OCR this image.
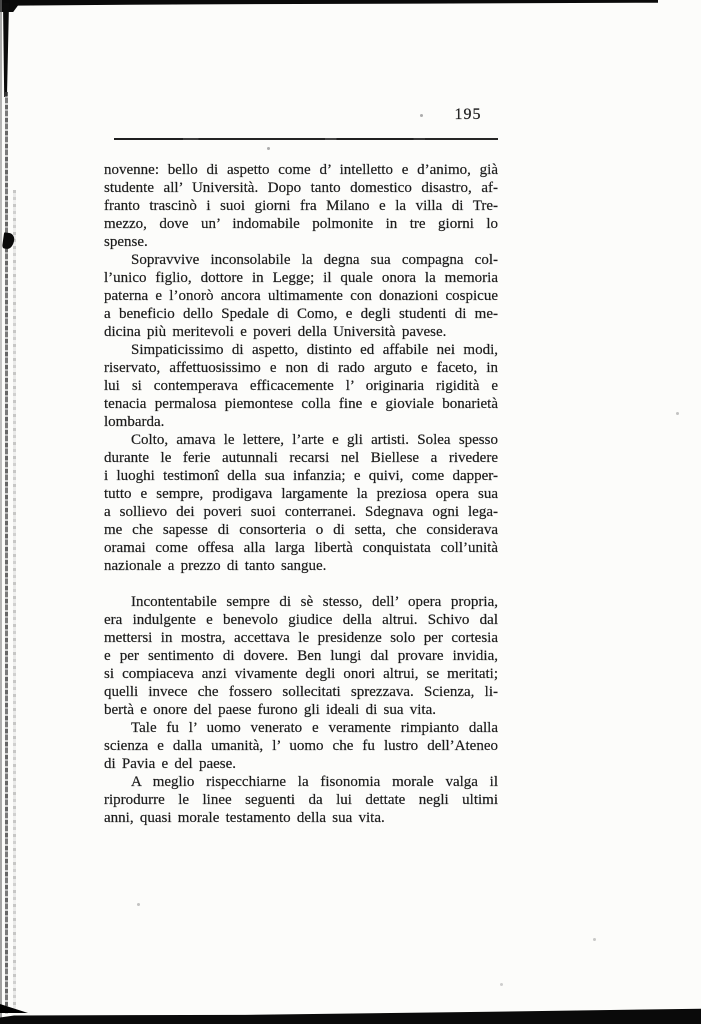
195
novenne: bello di aspetto come d’ intelletto e d’animo, già
studente all’ Università. Dopo tanto domestico disastro, af-
franto trascinò i suoi giorni fra Milano e la villa di Tre-
mezzo, dove un’ indomabile polmonite in tre giorni lo
spense.
Sopravvive inconsolabile la degna sua compagna col-
l’unico figlio, dottore in Legge; il quale onora la memoria
paterna e l’onorò ancora ultimamente con donazioni cospicue
a beneficio dello Spedale di Como, e degli studenti di me-
dicina più meritevoli e poveri della Università pavese.
Simpaticissimo di aspetto, distinto ed affabile nei modi,
riservato, affettuosissimo e non di rado arguto e faceto, in
lui si contemperava efficacemente l’ originaria rigidità e
tenacia permalosa piemontese colla fine e gioviale bonarietà
lombarda.
Colto, amava le lettere, l’arte e gli artisti. Solea spesso
durante le ferie autunnali recarsi nel Biellese a rivedere
i luoghi testimonî della sua infanzia; e quivi, come dapper-
tutto e sempre, prodigava largamente la preziosa opera sua
a sollievo dei poveri suoi conterranei. Sdegnava ogni lega-
me che sapesse di consorteria o di setta, che considerava
oramai come offesa alla larga libertà conquistata coll’unità
nazionale a prezzo di tanto sangue.
Incontentabile sempre di sè stesso, dell’ opera propria,
era indulgente e benevolo giudice della altrui. Schivo dal
mettersi in mostra, accettava le presidenze solo per cortesia
e per sentimento di dovere. Ben lungi dal provare invidia,
si compiaceva anzi vivamente degli onori altrui, se meritati;
quelli invece che fossero sollecitati sprezzava. Scienza, li-
bertà e onore del paese furono gli ideali di sua vita.
Tale fu l’ uomo venerato e veramente rimpianto dalla
scienza e dalla umanità, l’ uomo che fu lustro dell’Ateneo
di Pavia e del paese.
A meglio rispecchiarne la fisonomia morale valga il
riprodurre le linee seguenti da lui dettate negli ultimi
anni, quasi morale testamento della sua vita.
